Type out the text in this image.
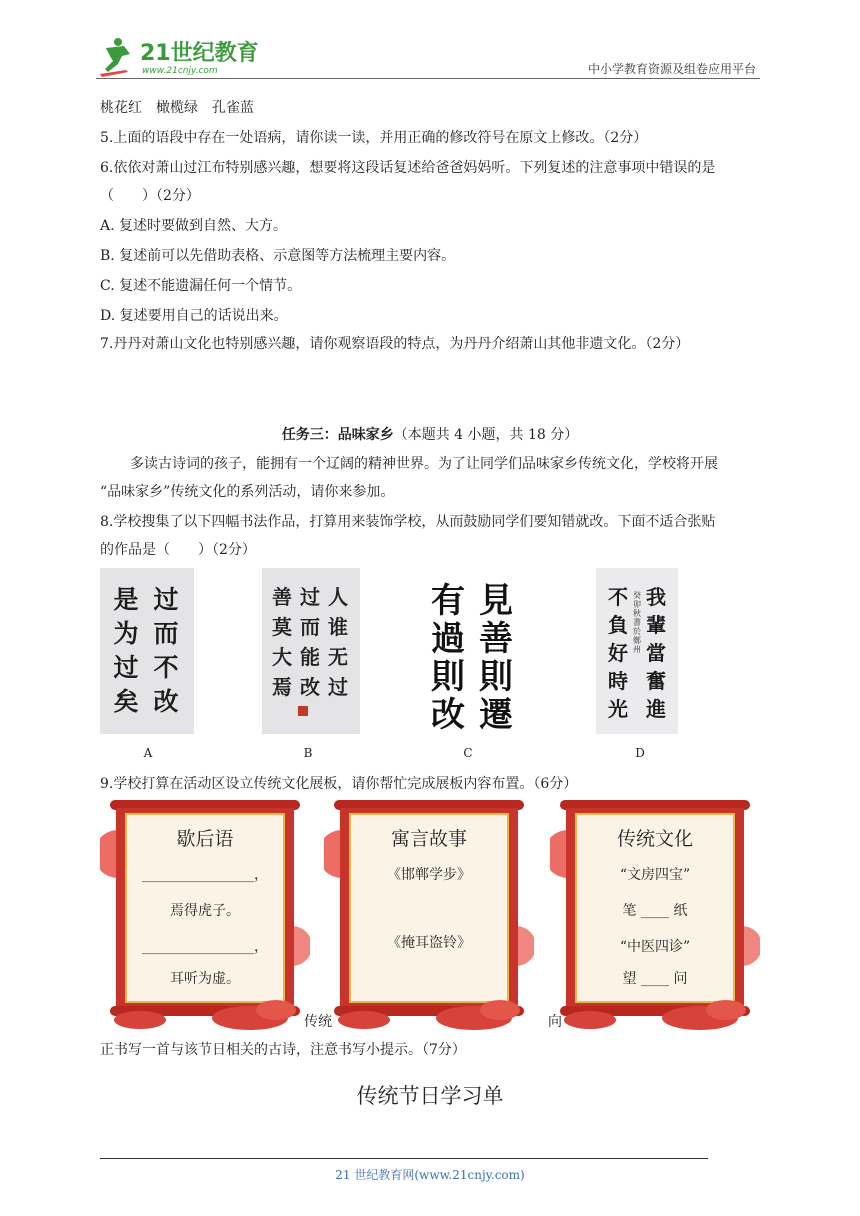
21世纪教育
www.21cnjy.com	中小学教育资源及组卷应用平台
桃花红　橄榄绿　孔雀蓝
5.上面的语段中存在一处语病，请你读一读，并用正确的修改符号在原文上修改。（2分）
6.依依对萧山过江布特别感兴趣，想要将这段话复述给爸爸妈妈听。下列复述的注意事项中错误的是
（　　）（2分）
A. 复述时要做到自然、大方。
B. 复述前可以先借助表格、示意图等方法梳理主要内容。
C. 复述不能遗漏任何一个情节。
D. 复述要用自己的话说出来。
7.丹丹对萧山文化也特别感兴趣，请你观察语段的特点，为丹丹介绍萧山其他非遗文化。（2分）
任务三：品味家乡（本题共 4 小题，共 18 分）
多读古诗词的孩子，能拥有一个辽阔的精神世界。为了让同学们品味家乡传统文化，学校将开展
“品味家乡”传统文化的系列活动，请你来参加。
8.学校搜集了以下四幅书法作品，打算用来装饰学校，从而鼓励同学们要知错就改。下面不适合张贴
的作品是（　　）（2分）
过
而
不
改
是
为
过
矣
人
谁
无
过
过
而
能
改
善
莫
大
焉
見
善
則
遷
有
過
則
改
我
輩
當
奮
進
不
負
好
時
光
癸
卯
秋
書
於
鄭
州
A	B	C	D
9.学校打算在活动区设立传统文化展板，请你帮忙完成展板内容布置。（6分）
歇后语
________________，
焉得虎子。
________________，
耳听为虚。
寓言故事
《邯郸学步》
《掩耳盗铃》
传统文化
“文房四宝”
笔 ____ 纸
“中医四诊”
望 ____ 问
传统	向
正书写一首与该节日相关的古诗，注意书写小提示。（7分）
传统节日学习单
21 世纪教育网(www.21cnjy.com)
